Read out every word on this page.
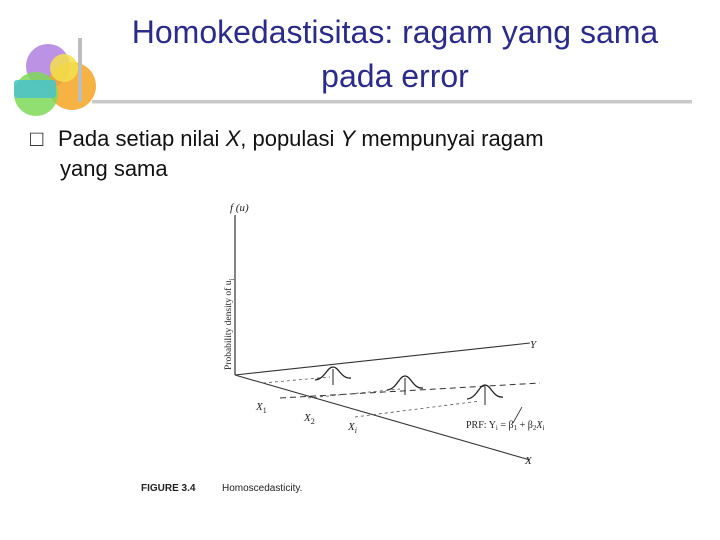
Homokedastisitas: ragam yang sama
pada error
□ Pada setiap nilai X, populasi Y mempunyai ragam
yang sama
f (u)
Probability density of $u_i$
Y
X
$X_1$
$X_2$	$X_i$	PRF: $Y_i = \beta_1 + \beta_2X_i$
FIGURE 3.4	Homoscedasticity.
